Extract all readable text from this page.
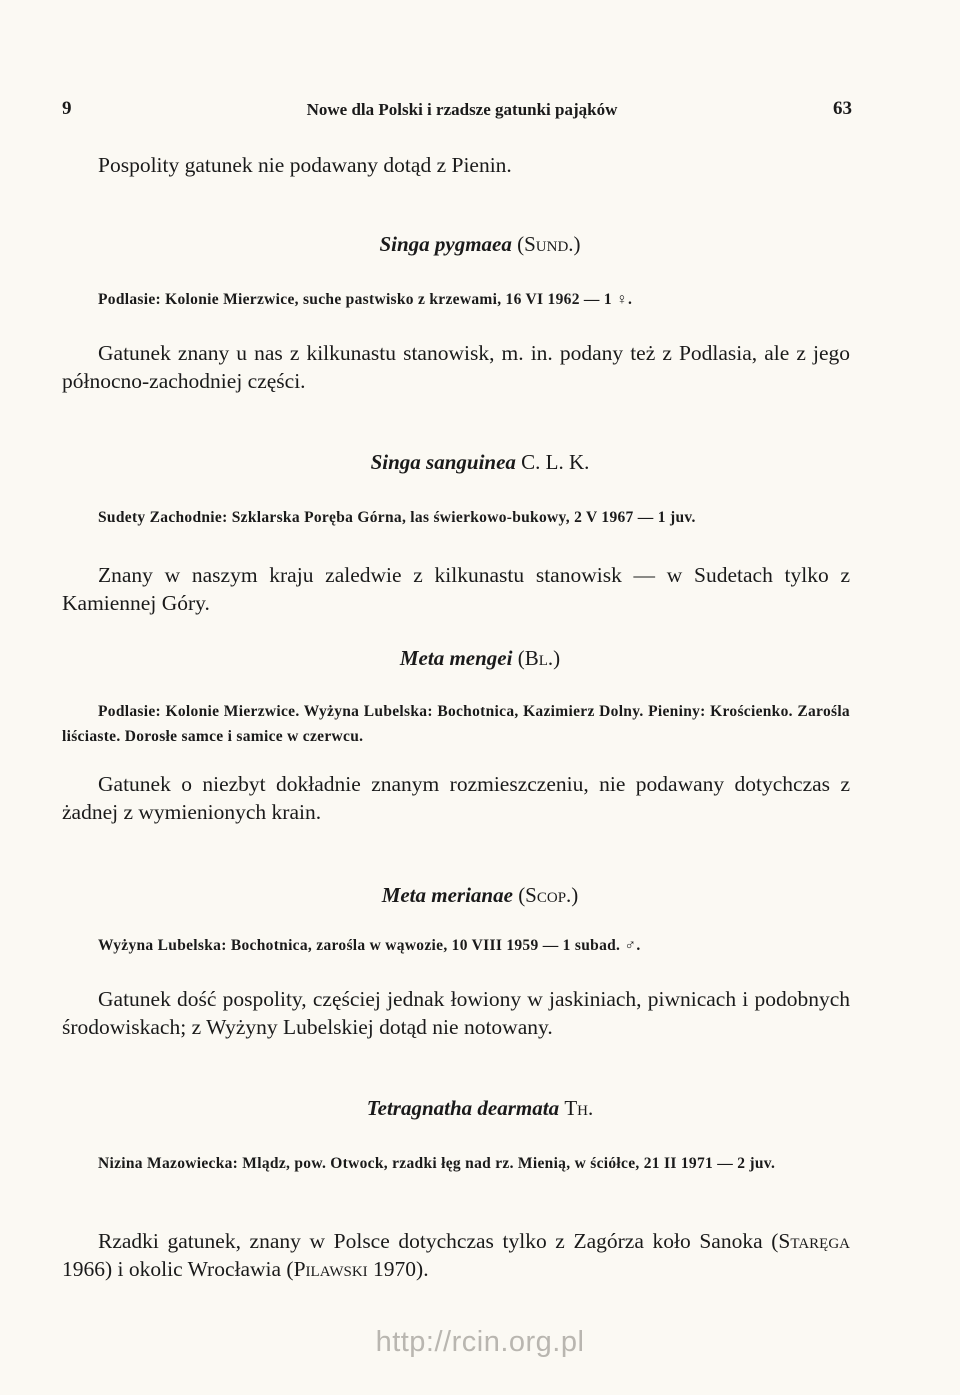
9	Nowe dla Polski i rzadsze gatunki pająków	63
Pospolity gatunek nie podawany dotąd z Pienin.
Singa pygmaea (Sund.)
Podlasie: Kolonie Mierzwice, suche pastwisko z krzewami, 16 VI 1962 — 1 ♀.
Gatunek znany u nas z kilkunastu stanowisk, m. in. podany też z Podlasia, ale z jego północno-zachodniej części.
Singa sanguinea C. L. K.
Sudety Zachodnie: Szklarska Poręba Górna, las świerkowo-bukowy, 2 V 1967 — 1 juv.
Znany w naszym kraju zaledwie z kilkunastu stanowisk — w Sudetach tylko z Kamiennej Góry.
Meta mengei (Bl.)
Podlasie: Kolonie Mierzwice. Wyżyna Lubelska: Bochotnica, Kazimierz Dolny. Pieniny: Krościenko. Zarośla liściaste. Dorosłe samce i samice w czerwcu.
Gatunek o niezbyt dokładnie znanym rozmieszczeniu, nie podawany dotychczas z żadnej z wymienionych krain.
Meta merianae (Scop.)
Wyżyna Lubelska: Bochotnica, zarośla w wąwozie, 10 VIII 1959 — 1 subad. ♂.
Gatunek dość pospolity, częściej jednak łowiony w jaskiniach, piwnicach i podobnych środowiskach; z Wyżyny Lubelskiej dotąd nie notowany.
Tetragnatha dearmata Th.
Nizina Mazowiecka: Mlądz, pow. Otwock, rzadki łęg nad rz. Mienią, w ściółce, 21 II 1971 — 2 juv.
Rzadki gatunek, znany w Polsce dotychczas tylko z Zagórza koło Sanoka (Staręga 1966) i okolic Wrocławia (Pilawski 1970).
http://rcin.org.pl
